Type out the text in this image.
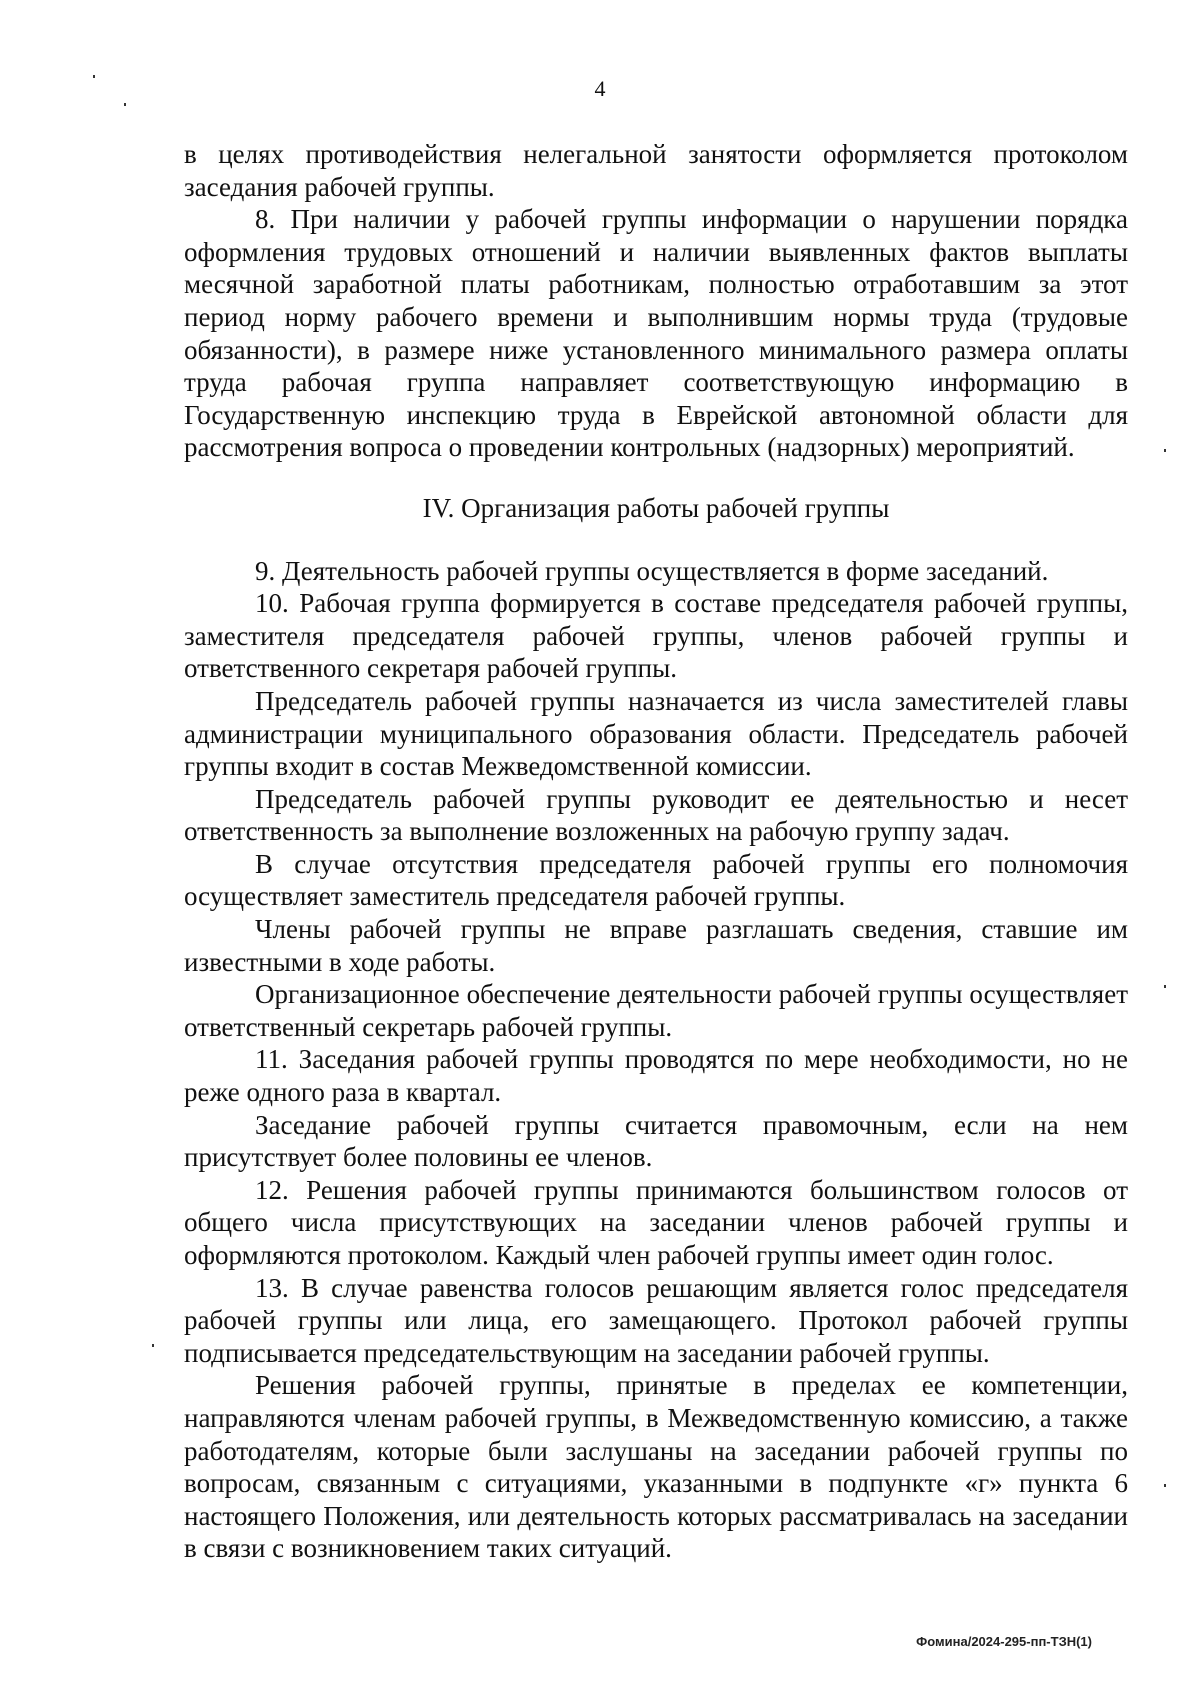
4

в целях противодействия нелегальной занятости оформляется протоколом заседания рабочей группы.

8. При наличии у рабочей группы информации о нарушении порядка оформления трудовых отношений и наличии выявленных фактов выплаты месячной заработной платы работникам, полностью отработавшим за этот период норму рабочего времени и выполнившим нормы труда (трудовые обязанности), в размере ниже установленного минимального размера оплаты труда рабочая группа направляет соответствующую информацию в Государственную инспекцию труда в Еврейской автономной области для рассмотрения вопроса о проведении контрольных (надзорных) мероприятий.

IV. Организация работы рабочей группы

9. Деятельность рабочей группы осуществляется в форме заседаний.

10. Рабочая группа формируется в составе председателя рабочей группы, заместителя председателя рабочей группы, членов рабочей группы и ответственного секретаря рабочей группы.

Председатель рабочей группы назначается из числа заместителей главы администрации муниципального образования области. Председатель рабочей группы входит в состав Межведомственной комиссии.

Председатель рабочей группы руководит ее деятельностью и несет ответственность за выполнение возложенных на рабочую группу задач.

В случае отсутствия председателя рабочей группы его полномочия осуществляет заместитель председателя рабочей группы.

Члены рабочей группы не вправе разглашать сведения, ставшие им известными в ходе работы.

Организационное обеспечение деятельности рабочей группы осуществляет ответственный секретарь рабочей группы.

11. Заседания рабочей группы проводятся по мере необходимости, но не реже одного раза в квартал.

Заседание рабочей группы считается правомочным, если на нем присутствует более половины ее членов.

12. Решения рабочей группы принимаются большинством голосов от общего числа присутствующих на заседании членов рабочей группы и оформляются протоколом. Каждый член рабочей группы имеет один голос.

13. В случае равенства голосов решающим является голос председателя рабочей группы или лица, его замещающего. Протокол рабочей группы подписывается председательствующим на заседании рабочей группы.

Решения рабочей группы, принятые в пределах ее компетенции, направляются членам рабочей группы, в Межведомственную комиссию, а также работодателям, которые были заслушаны на заседании рабочей группы по вопросам, связанным с ситуациями, указанными в подпункте «г» пункта 6 настоящего Положения, или деятельность которых рассматривалась на заседании в связи с возникновением таких ситуаций.

Фомина/2024-295-пп-ТЗН(1)
